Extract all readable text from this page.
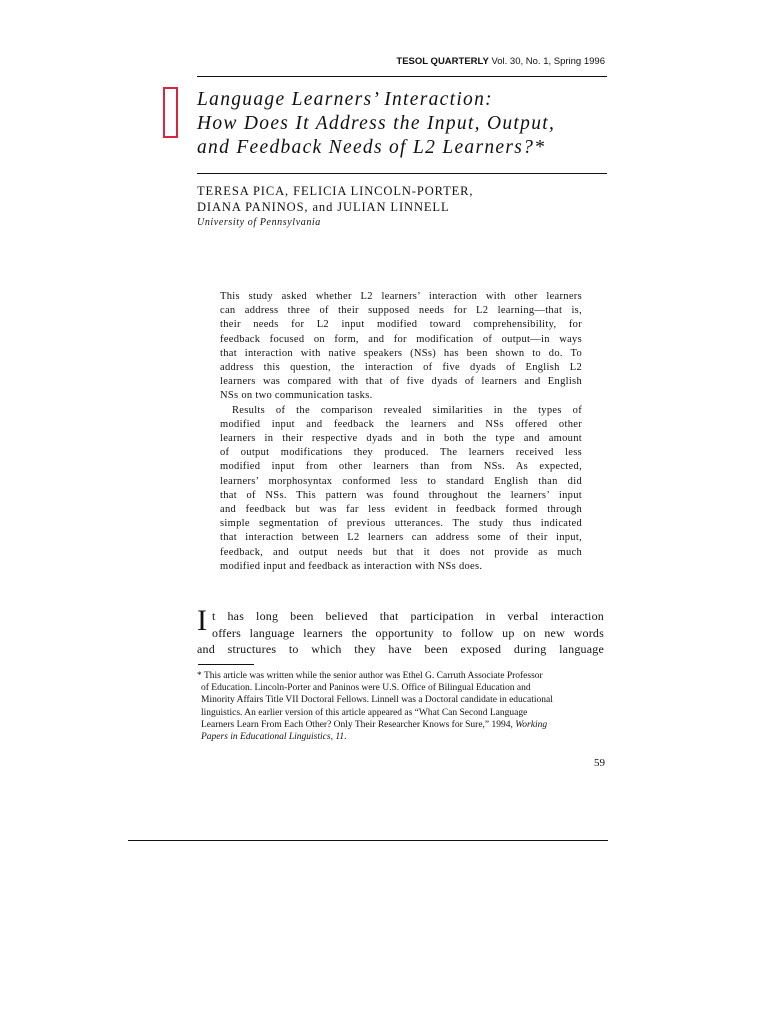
TESOL QUARTERLY Vol. 30, No. 1, Spring 1996
Language Learners’ Interaction:
How Does It Address the Input, Output,
and Feedback Needs of L2 Learners?*
TERESA PICA, FELICIA LINCOLN-PORTER,
DIANA PANINOS, and JULIAN LINNELL
University of Pennsylvania
This study asked whether L2 learners’ interaction with other learners
can address three of their supposed needs for L2 learning—that is,
their needs for L2 input modified toward comprehensibility, for
feedback focused on form, and for modification of output—in ways
that interaction with native speakers (NSs) has been shown to do. To
address this question, the interaction of five dyads of English L2
learners was compared with that of five dyads of learners and English
NSs on two communication tasks.
Results of the comparison revealed similarities in the types of
modified input and feedback the learners and NSs offered other
learners in their respective dyads and in both the type and amount
of output modifications they produced. The learners received less
modified input from other learners than from NSs. As expected,
learners’ morphosyntax conformed less to standard English than did
that of NSs. This pattern was found throughout the learners’ input
and feedback but was far less evident in feedback formed through
simple segmentation of previous utterances. The study thus indicated
that interaction between L2 learners can address some of their input,
feedback, and output needs but that it does not provide as much
modified input and feedback as interaction with NSs does.
I t has long been believed that participation in verbal interaction
offers language learners the opportunity to follow up on new words
and structures to which they have been exposed during language
* This article was written while the senior author was Ethel G. Carruth Associate Professor
of Education. Lincoln-Porter and Paninos were U.S. Office of Bilingual Education and
Minority Affairs Title VII Doctoral Fellows. Linnell was a Doctoral candidate in educational
linguistics. An earlier version of this article appeared as “What Can Second Language
Learners Learn From Each Other? Only Their Researcher Knows for Sure,” 1994, Working
Papers in Educational Linguistics, 11.
59
